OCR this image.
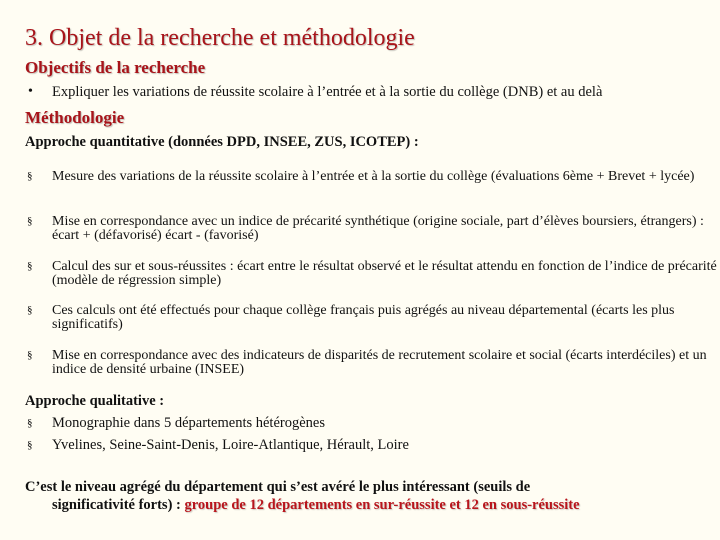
3. Objet de la recherche et méthodologie
Objectifs de la recherche
• Expliquer les variations de réussite scolaire à l’entrée et à la sortie du collège (DNB) et au delà
Méthodologie
Approche quantitative (données DPD, INSEE, ZUS, ICOTEP) :
§ Mesure des variations de la réussite scolaire à l’entrée et à la sortie du collège (évaluations 6ème + Brevet + lycée)
§ Mise en correspondance avec un indice de précarité synthétique (origine sociale, part d’élèves boursiers, étrangers) : écart + (défavorisé) écart - (favorisé)
§ Calcul des sur et sous-réussites : écart entre le résultat observé et le résultat attendu en fonction de l’indice de précarité (modèle de régression simple)
§ Ces calculs ont été effectués pour chaque collège français puis agrégés au niveau départemental (écarts les plus significatifs)
§ Mise en correspondance avec des indicateurs de disparités de recrutement scolaire et social (écarts interdéciles) et un indice de densité urbaine (INSEE)
Approche qualitative :
§ Monographie dans 5 départements hétérogènes
§ Yvelines, Seine-Saint-Denis, Loire-Atlantique, Hérault, Loire
C’est le niveau agrégé du département qui s’est avéré le plus intéressant (seuils de
significativité forts) : groupe de 12 départements en sur-réussite et 12 en sous-réussite
